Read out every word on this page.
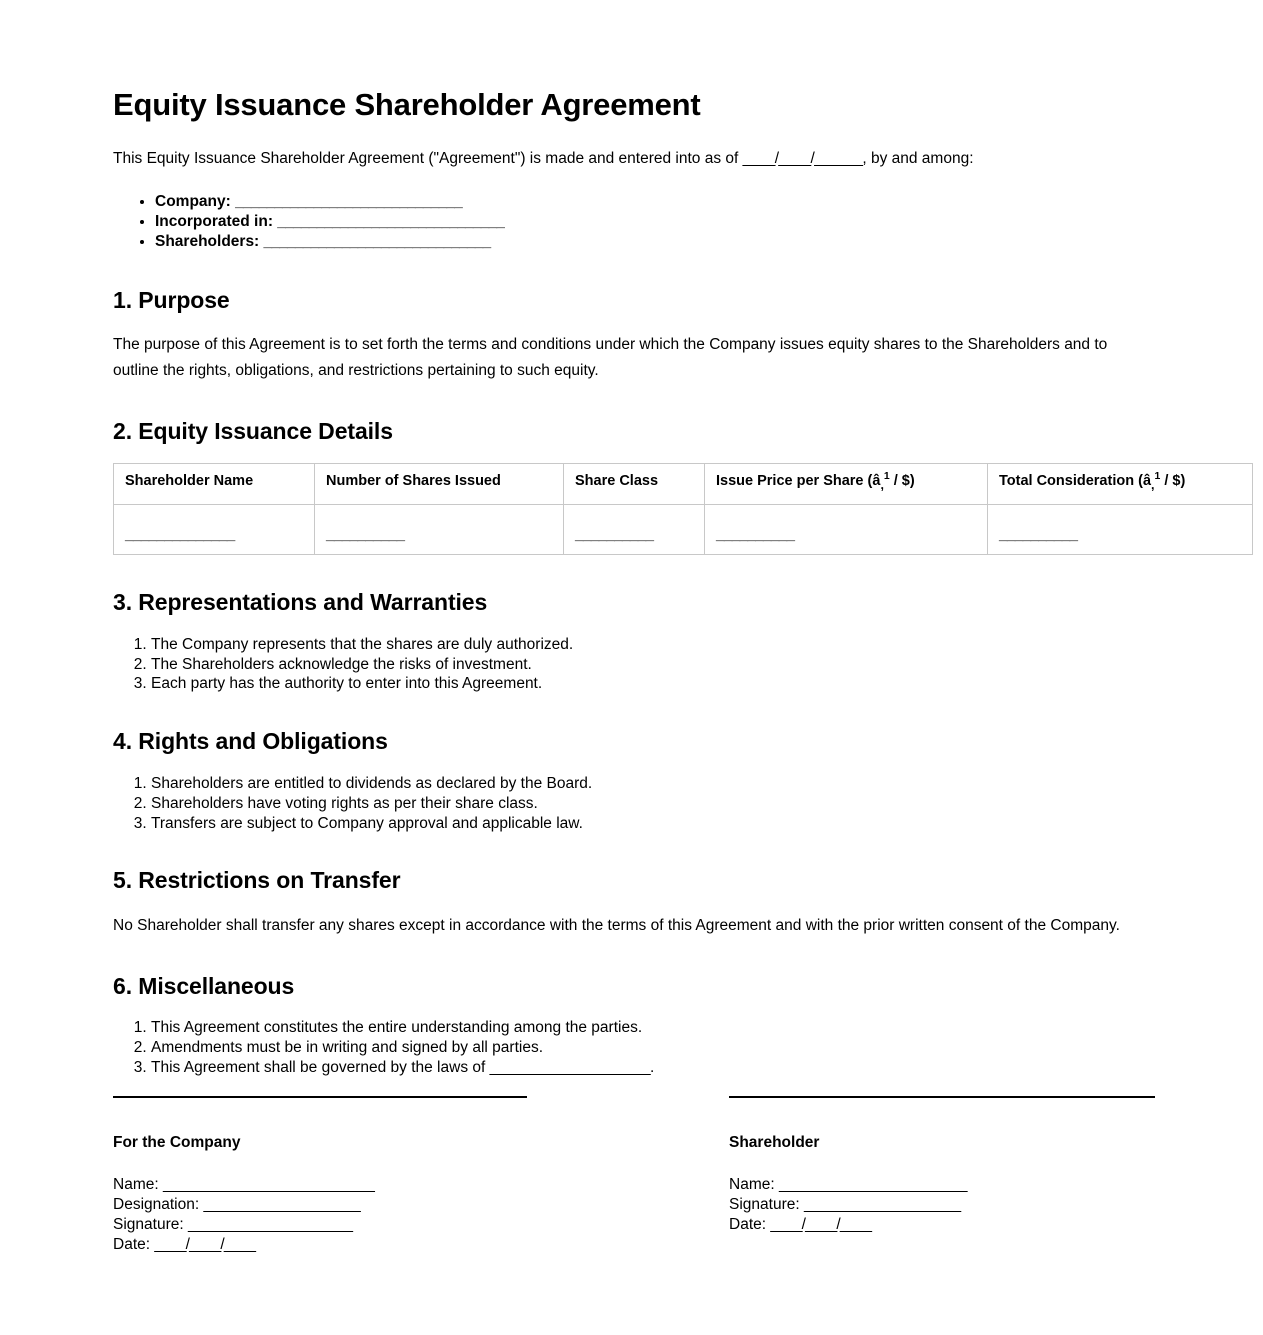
Equity Issuance Shareholder Agreement

This Equity Issuance Shareholder Agreement ("Agreement") is made and entered into as of ____/____/______, by and among:

• Company: _____________________________
• Incorporated in: _____________________________
• Shareholders: _____________________________
1. Purpose

The purpose of this Agreement is to set forth the terms and conditions under which the Company issues equity shares to the Shareholders and to outline the rights, obligations, and restrictions pertaining to such equity.

2. Equity Issuance Details
Shareholder Name	Number of Shares Issued	Share Class	Issue Price per Share (â,$^1$ / $)	Total Consideration (â,$^1$ / $)
______________	__________	__________	__________	__________
3. Representations and Warranties
1. The Company represents that the shares are duly authorized.
2. The Shareholders acknowledge the risks of investment.
3. Each party has the authority to enter into this Agreement.
4. Rights and Obligations
1. Shareholders are entitled to dividends as declared by the Board.
2. Shareholders have voting rights as per their share class.
3. Transfers are subject to Company approval and applicable law.
5. Restrictions on Transfer

No Shareholder shall transfer any shares except in accordance with the terms of this Agreement and with the prior written consent of the Company.

6. Miscellaneous
1. This Agreement constitutes the entire understanding among the parties.
2. Amendments must be in writing and signed by all parties.
3. This Agreement shall be governed by the laws of ____________________.
For the Company
Name: ___________________________
Designation: ____________________
Signature: _____________________
Date: ____/____/____
Shareholder
Name: ________________________
Signature: ____________________
Date: ____/____/____
